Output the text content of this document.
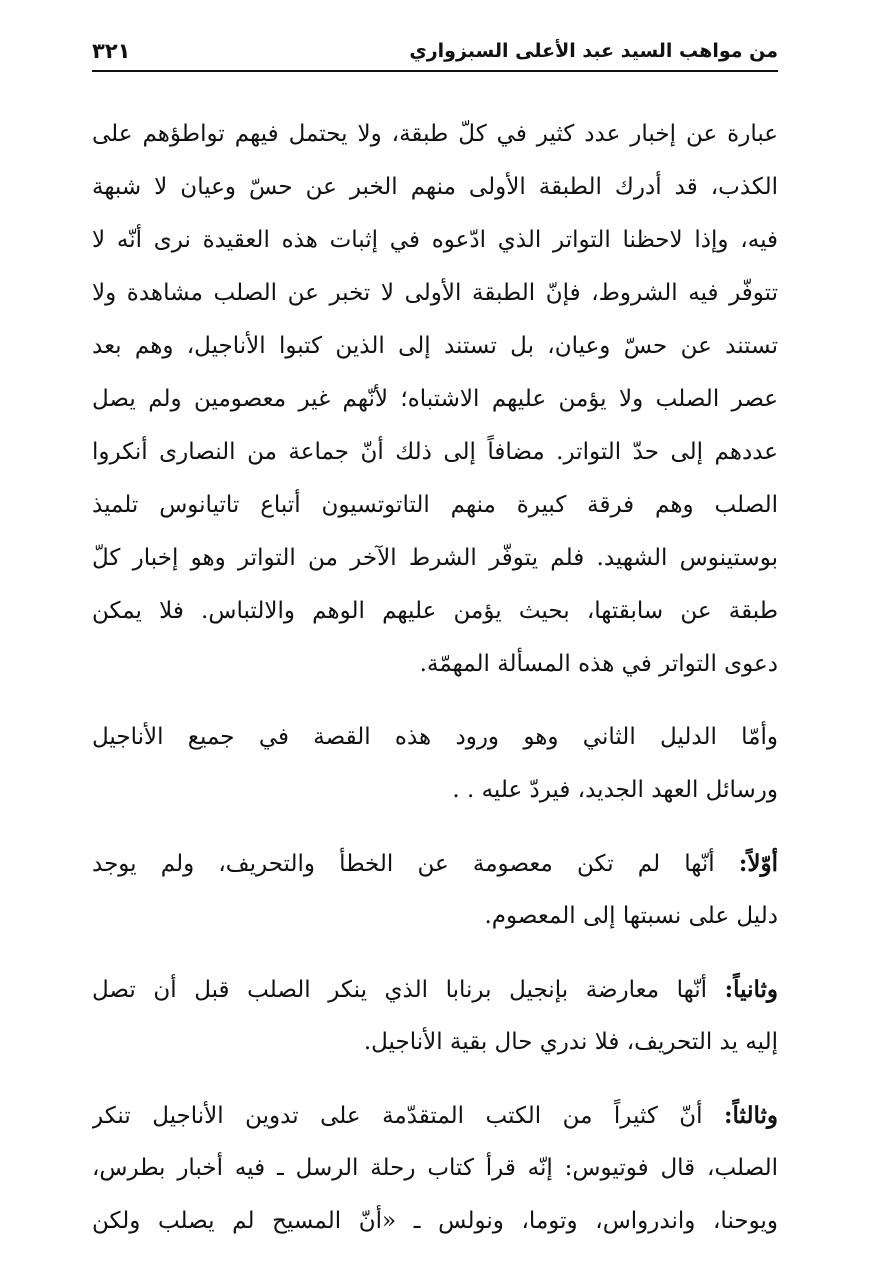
من مواهب السيد عبد الأعلى السبزواري
٣٢١
عبارة عن إخبار عدد كثير في كلّ طبقة، ولا يحتمل فيهم تواطؤهم على
الكذب، قد أدرك الطبقة الأولى منهم الخبر عن حسّ وعيان لا شبهة
فيه، وإذا لاحظنا التواتر الذي ادّعوه في إثبات هذه العقيدة نرى أنّه لا
تتوفّر فيه الشروط، فإنّ الطبقة الأولى لا تخبر عن الصلب مشاهدة ولا
تستند عن حسّ وعيان، بل تستند إلى الذين كتبوا الأناجيل، وهم بعد
عصر الصلب ولا يؤمن عليهم الاشتباه؛ لأنّهم غير معصومين ولم يصل
عددهم إلى حدّ التواتر. مضافاً إلى ذلك أنّ جماعة من النصارى أنكروا
الصلب وهم فرقة كبيرة منهم التاتوتسيون أتباع تاتيانوس تلميذ
بوستينوس الشهيد. فلم يتوفّر الشرط الآخر من التواتر وهو إخبار كلّ
طبقة عن سابقتها، بحيث يؤمن عليهم الوهم والالتباس. فلا يمكن
دعوى التواتر في هذه المسألة المهمّة.
وأمّا الدليل الثاني وهو ورود هذه القصة في جميع الأناجيل
ورسائل العهد الجديد، فيردّ عليه . .
أوّلاً: أنّها لم تكن معصومة عن الخطأ والتحريف، ولم يوجد
دليل على نسبتها إلى المعصوم.
وثانياً: أنّها معارضة بإنجيل برنابا الذي ينكر الصلب قبل أن تصل
إليه يد التحريف، فلا ندري حال بقية الأناجيل.
وثالثاً: أنّ كثيراً من الكتب المتقدّمة على تدوين الأناجيل تنكر
الصلب، قال فوتيوس: إنّه قرأ كتاب رحلة الرسل ـ فيه أخبار بطرس،
ويوحنا، واندرواس، وتوما، ونولس ـ «أنّ المسيح لم يصلب ولكن
